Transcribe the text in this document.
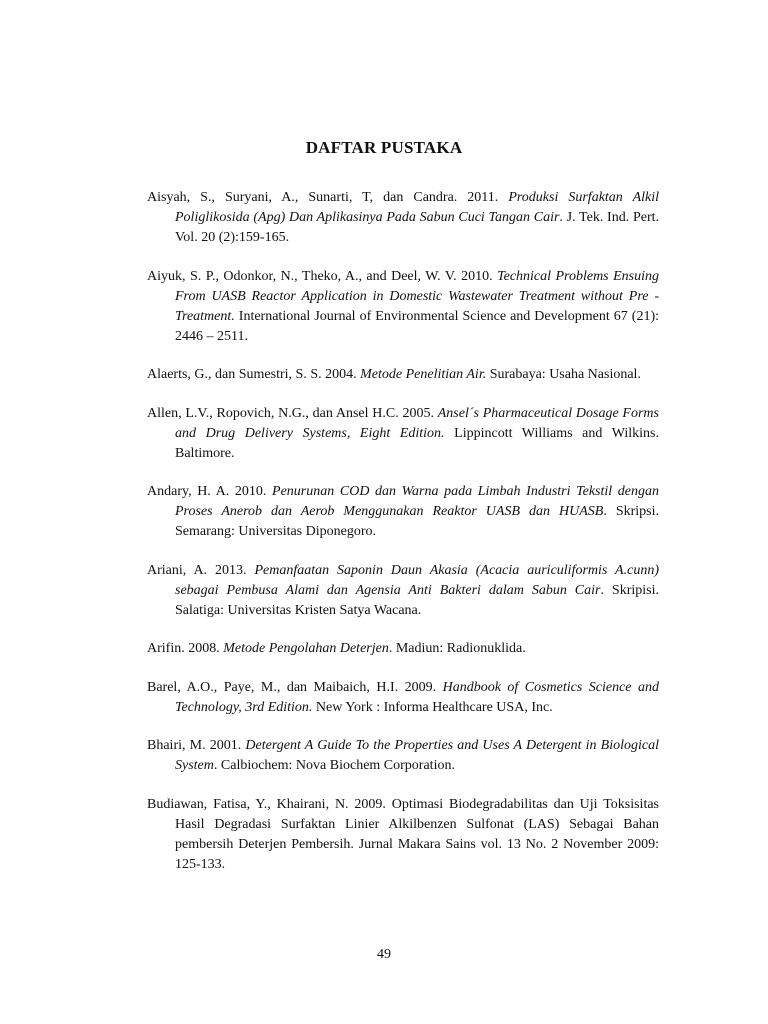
DAFTAR PUSTAKA

Aisyah, S., Suryani, A., Sunarti, T, dan Candra. 2011. Produksi Surfaktan Alkil Poliglikosida (Apg) Dan Aplikasinya Pada Sabun Cuci Tangan Cair. J. Tek. Ind. Pert. Vol. 20 (2):159-165.

Aiyuk, S. P., Odonkor, N., Theko, A., and Deel, W. V. 2010. Technical Problems Ensuing From UASB Reactor Application in Domestic Wastewater Treatment without Pre -Treatment. International Journal of Environmental Science and Development 67 (21): 2446 – 2511.

Alaerts, G., dan Sumestri, S. S. 2004. Metode Penelitian Air. Surabaya: Usaha Nasional.

Allen, L.V., Ropovich, N.G., dan Ansel H.C. 2005. Ansel´s Pharmaceutical Dosage Forms and Drug Delivery Systems, Eight Edition. Lippincott Williams and Wilkins. Baltimore.

Andary, H. A. 2010. Penurunan COD dan Warna pada Limbah Industri Tekstil dengan Proses Anerob dan Aerob Menggunakan Reaktor UASB dan HUASB. Skripsi. Semarang: Universitas Diponegoro.

Ariani, A. 2013. Pemanfaatan Saponin Daun Akasia (Acacia auriculiformis A.cunn) sebagai Pembusa Alami dan Agensia Anti Bakteri dalam Sabun Cair. Skripisi. Salatiga: Universitas Kristen Satya Wacana.

Arifin. 2008. Metode Pengolahan Deterjen. Madiun: Radionuklida.

Barel, A.O., Paye, M., dan Maibaich, H.I. 2009. Handbook of Cosmetics Science and Technology, 3rd Edition. New York : Informa Healthcare USA, Inc.

Bhairi, M. 2001. Detergent A Guide To the Properties and Uses A Detergent in Biological System. Calbiochem: Nova Biochem Corporation.

Budiawan, Fatisa, Y., Khairani, N. 2009. Optimasi Biodegradabilitas dan Uji Toksisitas Hasil Degradasi Surfaktan Linier Alkilbenzen Sulfonat (LAS) Sebagai Bahan pembersih Deterjen Pembersih. Jurnal Makara Sains vol. 13 No. 2 November 2009: 125-133.

49
